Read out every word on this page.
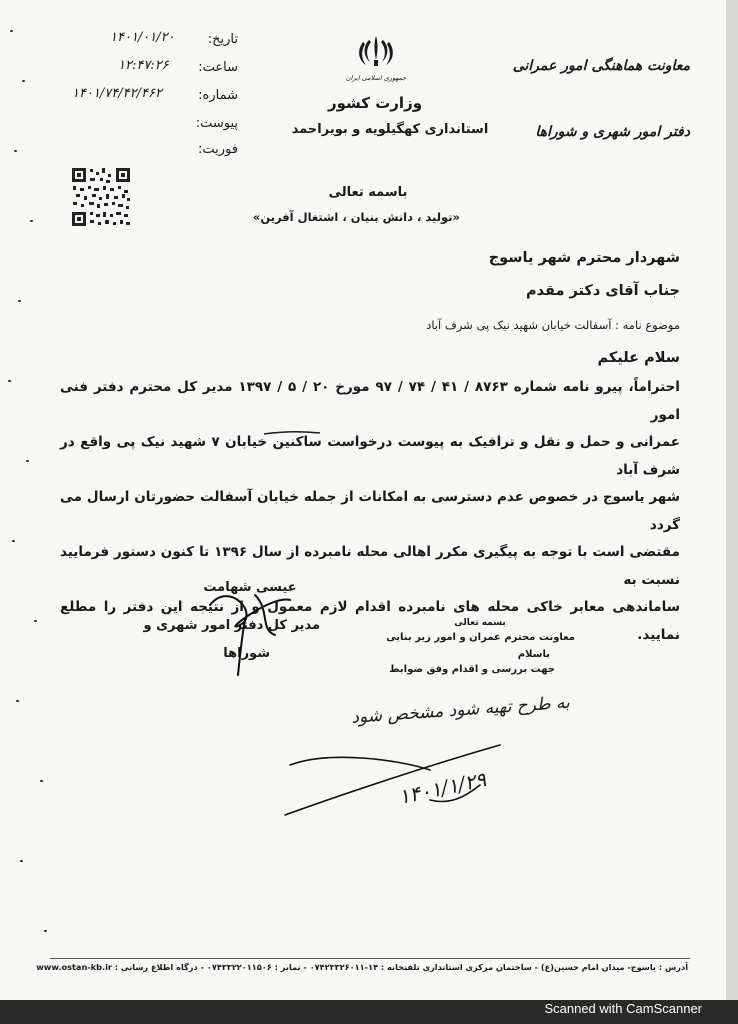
تاریخ:
۱۴۰۱/۰۱/۲۰
ساعت:
۱۲:۴۷:۲۶
شماره:
۱۴۰۱/۷۴/۴۲/۴۶۲
پیوست:
فوریت:
جمهوری اسلامی ایران
وزارت کشور
استانداری کهگیلویه و بویراحمد
معاونت هماهنگی امور عمرانی
دفتر امور شهری و شوراها
باسمه تعالی
«تولید ، دانش بنیان ، اشتغال آفرین»
شهردار محترم شهر یاسوج
جناب آقای دکتر مقدم
موضوع نامه : آسفالت خیابان شهید نیک پی شرف آباد
سلام علیکم
احتراماً، پیرو نامه شماره ۸۷۶۳ / ۴۱ / ۷۴ / ۹۷ مورخ ۲۰ / ۵ / ۱۳۹۷ مدیر کل محترم دفتر فنی امور
عمرانی و حمل و نقل و ترافیک به پیوست درخواست ساکنین خیابان ۷ شهید نیک پی واقع در شرف آباد
شهر یاسوج در خصوص عدم دسترسی به امکانات از جمله خیابان آسفالت حضورتان ارسال می گردد
مقتضی است با توجه به پیگیری مکرر اهالی محله نامبرده از سال ۱۳۹۶ تا کنون دستور فرمایید نسبت به
ساماندهی معابر خاکی محله های نامبرده اقدام لازم معمول و از نتیجه این دفتر را مطلع نمایید.
عیسی شهامت
مدیر کل دفتر امور شهری و
شوراها
بسمه تعالی
معاونت محترم عمران و امور زیر بنایی
باسلام
جهت بررسی و اقدام وفق ضوابط
به طرح تهیه شود مشخص شود
۱۴۰۱/۱/۲۹
آدرس : یاسوج- میدان امام حسین(ع) - ساختمان مرکزی استانداری تلفنخانه : ۱۴-۰۷۴۲۳۳۲۶۰۱۱ - نمابر : ۰۷۴۳۳۲۲۰۱۱۵۰۶ - درگاه اطلاع رسانی : www.ostan-kb.ir
Scanned with CamScanner
